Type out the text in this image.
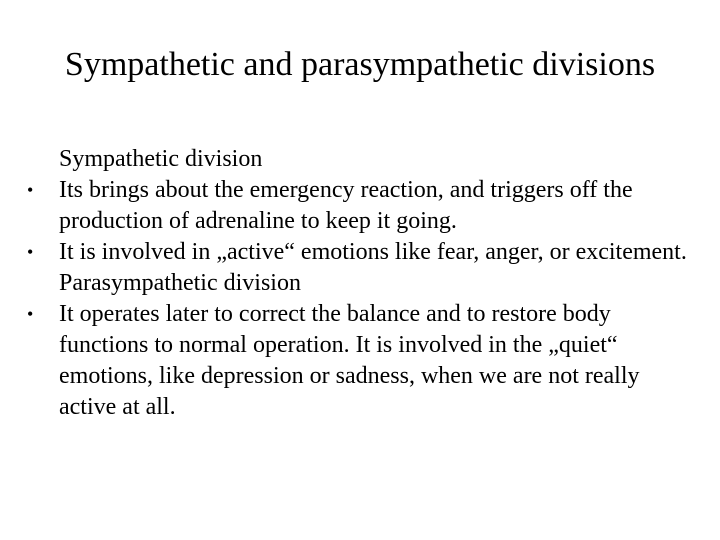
Sympathetic and parasympathetic divisions

Sympathetic division

•	Its brings about the emergency reaction, and triggers off the production of adrenaline to keep it going.

•	It is involved in „active“ emotions like fear, anger, or excitement.

Parasympathetic division

•	It operates later to correct the balance and to restore body functions to normal operation. It is involved in the „quiet“ emotions, like depression or sadness, when we are not really active at all.
